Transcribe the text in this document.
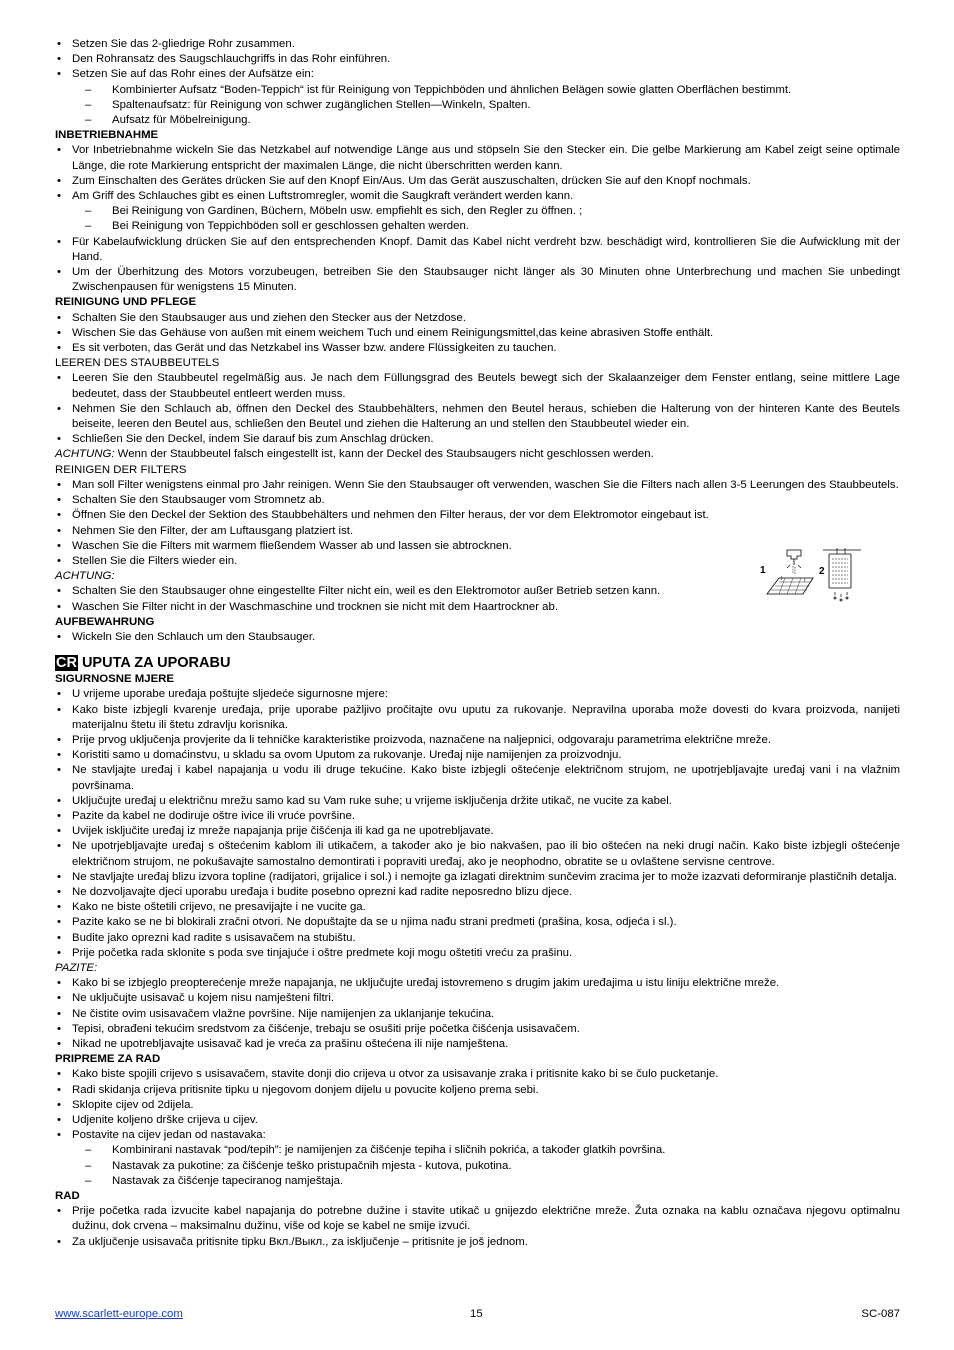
• Setzen Sie das 2-gliedrige Rohr zusammen.
• Den Rohransatz des Saugschlauchgriffs in das Rohr einführen.
• Setzen Sie auf das Rohr eines der Aufsätze ein:
– Kombinierter Aufsatz “Boden-Teppich“ ist für Reinigung von Teppichböden und ähnlichen Belägen sowie glatten Oberflächen bestimmt.
– Spaltenaufsatz: für Reinigung von schwer zugänglichen Stellen—Winkeln, Spalten.
– Aufsatz für Möbelreinigung.
INBETRIEBNAHME
• Vor Inbetriebnahme wickeln Sie das Netzkabel auf notwendige Länge aus und stöpseln Sie den Stecker ein. Die gelbe Markierung am Kabel zeigt seine optimale Länge, die rote Markierung entspricht der maximalen Länge, die nicht überschritten werden kann.
• Zum Einschalten des Gerätes drücken Sie auf den Knopf Ein/Aus. Um das Gerät auszuschalten, drücken Sie auf den Knopf nochmals.
• Am Griff des Schlauches gibt es einen Luftstromregler, womit die Saugkraft verändert werden kann.
– Bei Reinigung von Gardinen, Büchern, Möbeln usw. empfiehlt es sich, den Regler zu öffnen. ;
– Bei Reinigung von Teppichböden soll er geschlossen gehalten werden.
• Für Kabelaufwicklung drücken Sie auf den entsprechenden Knopf. Damit das Kabel nicht verdreht bzw. beschädigt wird, kontrollieren Sie die Aufwicklung mit der Hand.
• Um der Überhitzung des Motors vorzubeugen, betreiben Sie den Staubsauger nicht länger als 30 Minuten ohne Unterbrechung und machen Sie unbedingt Zwischenpausen für wenigstens 15 Minuten.
REINIGUNG UND PFLEGE
• Schalten Sie den Staubsauger aus und ziehen den Stecker aus der Netzdose.
• Wischen Sie das Gehäuse von außen mit einem weichem Tuch und einem Reinigungsmittel,das keine abrasiven Stoffe enthält.
• Es sit verboten, das Gerät und das Netzkabel ins Wasser bzw. andere Flüssigkeiten zu tauchen.
LEEREN DES STAUBBEUTELS
• Leeren Sie den Staubbeutel regelmäßig aus. Je nach dem Füllungsgrad des Beutels bewegt sich der Skalaanzeiger dem Fenster entlang, seine mittlere Lage bedeutet, dass der Staubbeutel entleert werden muss.
• Nehmen Sie den Schlauch ab, öffnen den Deckel des Staubbehälters, nehmen den Beutel heraus, schieben die Halterung von der hinteren Kante des Beutels beiseite, leeren den Beutel aus, schließen den Beutel und ziehen die Halterung an und stellen den Staubbeutel wieder ein.
• Schließen Sie den Deckel, indem Sie darauf bis zum Anschlag drücken.
ACHTUNG: Wenn der Staubbeutel falsch eingestellt ist, kann der Deckel des Staubsaugers nicht geschlossen werden.
REINIGEN DER FILTERS
• Man soll Filter wenigstens einmal pro Jahr reinigen. Wenn Sie den Staubsauger oft verwenden, waschen Sie die Filters nach allen 3-5 Leerungen des Staubbeutels.
• Schalten Sie den Staubsauger vom Stromnetz ab.
• Öffnen Sie den Deckel der Sektion des Staubbehälters und nehmen den Filter heraus, der vor dem Elektromotor eingebaut ist.
• Nehmen Sie den Filter, der am Luftausgang platziert ist.
• Waschen Sie die Filters mit warmem fließendem Wasser ab und lassen sie abtrocknen.
• Stellen Sie die Filters wieder ein.
ACHTUNG:
• Schalten Sie den Staubsauger ohne eingestellte Filter nicht ein, weil es den Elektromotor außer Betrieb setzen kann.
• Waschen Sie Filter nicht in der Waschmaschine und trocknen sie nicht mit dem Haartrockner ab.
AUFBEWAHRUNG
• Wickeln Sie den Schlauch um den Staubsauger.
CR UPUTA ZA UPORABU
SIGURNOSNE MJERE
• U vrijeme uporabe uređaja poštujte sljedeće sigurnosne mjere:
• Kako biste izbjegli kvarenje uređaja, prije uporabe pažljivo pročitajte ovu uputu za rukovanje. Nepravilna uporaba može dovesti do kvara proizvoda, nanijeti materijalnu štetu ili štetu zdravlju korisnika.
• Prije prvog uključenja provjerite da li tehničke karakteristike proizvoda, naznačene na naljepnici, odgovaraju parametrima električne mreže.
• Koristiti samo u domaćinstvu, u skladu sa ovom Uputom za rukovanje. Uređaj nije namijenjen za proizvodnju.
• Ne stavljajte uređaj i kabel napajanja u vodu ili druge tekućine. Kako biste izbjegli oštećenje električnom strujom, ne upotrjebljavajte uređaj vani i na vlažnim površinama.
• Uključujte uređaj u električnu mrežu samo kad su Vam ruke suhe; u vrijeme isključenja držite utikač, ne vucite za kabel.
• Pazite da kabel ne dodiruje oštre ivice ili vruće površine.
• Uvijek isključite uređaj iz mreže napajanja prije čišćenja ili kad ga ne upotrebljavate.
• Ne upotrjebljavajte uređaj s oštećenim kablom ili utikačem, a također ako je bio nakvašen, pao ili bio oštećen na neki drugi način. Kako biste izbjegli oštećenje električnom strujom, ne pokušavajte samostalno demontirati i popraviti uređaj, ako je neophodno, obratite se u ovlaštene servisne centrove.
• Ne stavljajte uređaj blizu izvora topline (radijatori, grijalice i sol.) i nemojte ga izlagati direktnim sunčevim zracima jer to može izazvati deformiranje plastičnih detalja.
• Ne dozvoljavajte djeci uporabu uređaja i budite posebno oprezni kad radite neposredno blizu djece.
• Kako ne biste oštetili crijevo, ne presavijajte i ne vucite ga.
• Pazite kako se ne bi blokirali zračni otvori. Ne dopuštajte da se u njima nađu strani predmeti (prašina, kosa, odjeća i sl.).
• Budite jako oprezni kad radite s usisavačem na stubištu.
• Prije početka rada sklonite s poda sve tinjajuće i oštre predmete koji mogu oštetiti vreću za prašinu.
PAZITE:
• Kako bi se izbjeglo preopterećenje mreže napajanja, ne uključujte uređaj istovremeno s drugim jakim uređajima u istu liniju električne mreže.
• Ne uključujte usisavač u kojem nisu namješteni filtri.
• Ne čistite ovim usisavačem vlažne površine. Nije namijenjen za uklanjanje tekućina.
• Tepisi, obrađeni tekućim sredstvom za čišćenje, trebaju se osušiti prije početka čišćenja usisavačem.
• Nikad ne upotrebljavajte usisavač kad je vreća za prašinu oštećena ili nije namještena.
PRIPREME ZA RAD
• Kako biste spojili crijevo s usisavačem, stavite donji dio crijeva u otvor za usisavanje zraka i pritisnite kako bi se čulo pucketanje.
• Radi skidanja crijeva pritisnite tipku u njegovom donjem dijelu u povucite koljeno prema sebi.
• Sklopite cijev od 2dijela.
• Udjenite koljeno drške crijeva u cijev.
• Postavite na cijev jedan od nastavaka:
– Kombinirani nastavak “pod/tepih”: je namijenjen za čišćenje tepiha i sličnih pokrića, a također glatkih površina.
– Nastavak za pukotine: za čišćenje teško pristupačnih mjesta - kutova, pukotina.
– Nastavak za čišćenje tapeciranog namještaja.
RAD
• Prije početka rada izvucite kabel napajanja do potrebne dužine i stavite utikač u gnijezdo električne mreže. Žuta oznaka na kablu označava njegovu optimalnu dužinu, dok crvena – maksimalnu dužinu, više od koje se kabel ne smije izvući.
• Za uključenje usisavača pritisnite tipku Вкл./Выкл., za isključenje – pritisnite je još jednom.
1	2
www.scarlett-europe.com	15	SC-087
